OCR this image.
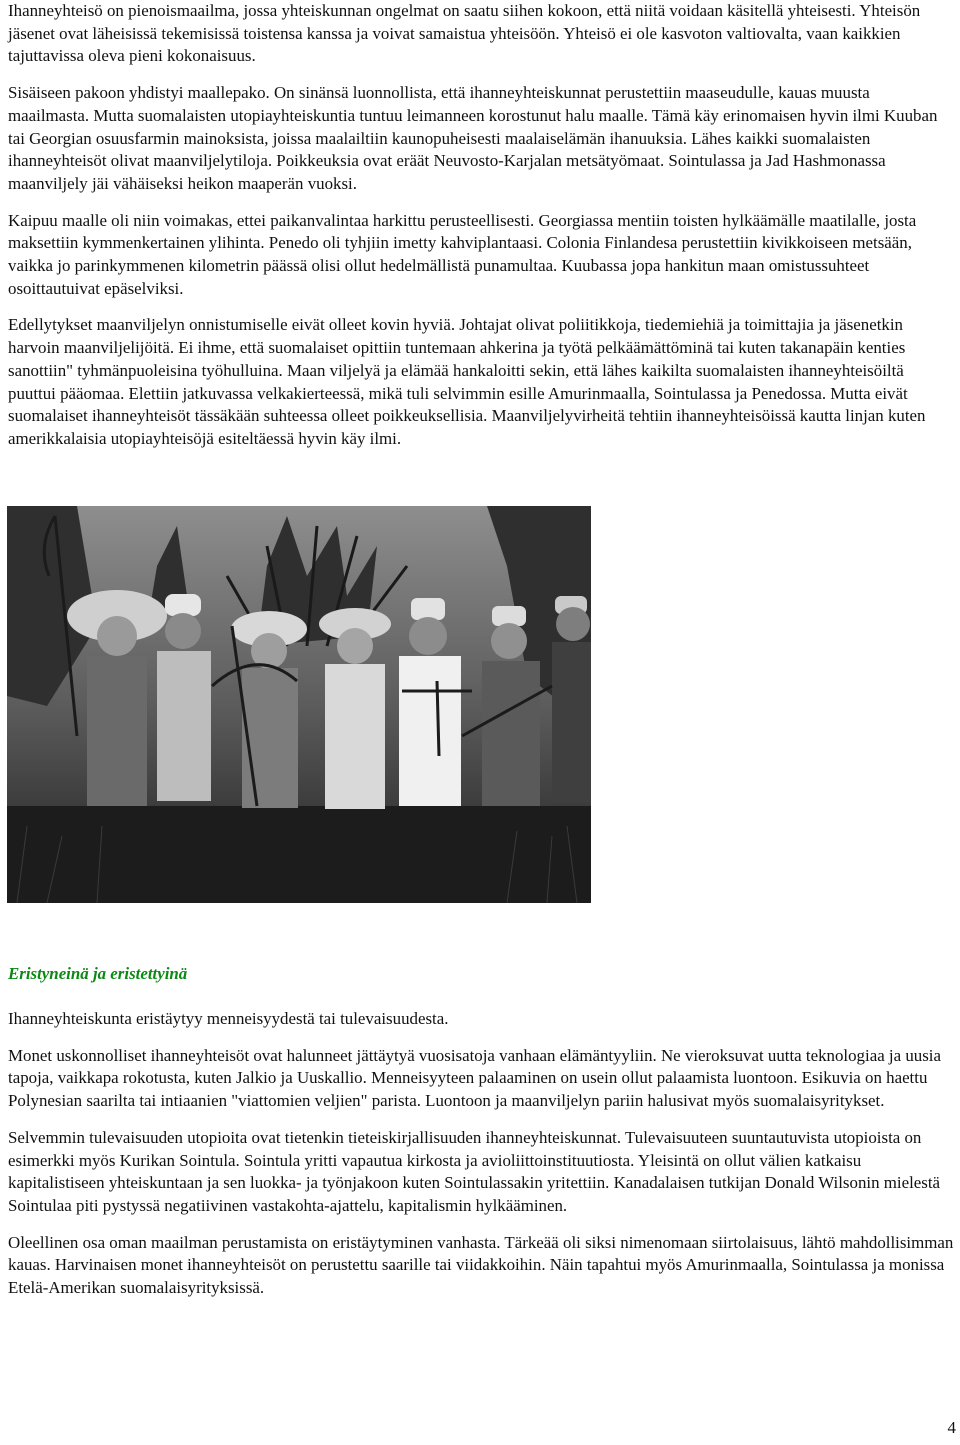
Ihanneyhteisö on pienoismaailma, jossa yhteiskunnan ongelmat on saatu siihen kokoon, että niitä voidaan käsitellä yhteisesti. Yhteisön jäsenet ovat läheisissä tekemisissä toistensa kanssa ja voivat samaistua yhteisöön. Yhteisö ei ole kasvoton valtiovalta, vaan kaikkien tajuttavissa oleva pieni kokonaisuus.

Sisäiseen pakoon yhdistyi maallepako. On sinänsä luonnollista, että ihanneyhteiskunnat perustettiin maaseudulle, kauas muusta maailmasta. Mutta suomalaisten utopiayhteiskuntia tuntuu leimanneen korostunut halu maalle. Tämä käy erinomaisen hyvin ilmi Kuuban tai Georgian osuusfarmin mainoksista, joissa maalailtiin kaunopuheisesti maalaiselämän ihanuuksia. Lähes kaikki suomalaisten ihanneyhteisöt olivat maanviljelytiloja. Poikkeuksia ovat eräät Neuvosto-Karjalan metsätyömaat. Sointulassa ja Jad Hashmonassa maanviljely jäi vähäiseksi heikon maaperän vuoksi.

Kaipuu maalle oli niin voimakas, ettei paikanvalintaa harkittu perusteellisesti. Georgiassa mentiin toisten hylkäämälle maatilalle, josta maksettiin kymmenkertainen ylihinta. Penedo oli tyhjiin imetty kahviplantaasi. Colonia Finlandesa perustettiin kivikkoiseen metsään, vaikka jo parinkymmenen kilometrin päässä olisi ollut hedelmällistä punamultaa. Kuubassa jopa hankitun maan omistussuhteet osoittautuivat epäselviksi.

Edellytykset maanviljelyn onnistumiselle eivät olleet kovin hyviä. Johtajat olivat poliitikkoja, tiedemiehiä ja toimittajia ja jäsenetkin harvoin maanviljelijöitä. Ei ihme, että suomalaiset opittiin tuntemaan ahkerina ja työtä pelkäämättöminä tai kuten takanapäin kenties sanottiin" tyhmänpuoleisina työhulluina. Maan viljelyä ja elämää hankaloitti sekin, että lähes kaikilta suomalaisten ihanneyhteisöiltä puuttui pääomaa. Elettiin jatkuvassa velkakierteessä, mikä tuli selvimmin esille Amurinmaalla, Sointulassa ja Penedossa. Mutta eivät suomalaiset ihanneyhteisöt tässäkään suhteessa olleet poikkeuksellisia. Maanviljelyvirheitä tehtiin ihanneyhteisöissä kautta linjan kuten amerikkalaisia utopiayhteisöjä esiteltäessä hyvin käy ilmi.

Eristyneinä ja eristettyinä

Ihanneyhteiskunta eristäytyy menneisyydestä tai tulevaisuudesta.

Monet uskonnolliset ihanneyhteisöt ovat halunneet jättäytyä vuosisatoja vanhaan elämäntyyliin. Ne vieroksuvat uutta teknologiaa ja uusia tapoja, vaikkapa rokotusta, kuten Jalkio ja Uuskallio. Menneisyyteen palaaminen on usein ollut palaamista luontoon. Esikuvia on haettu Polynesian saarilta tai intiaanien "viattomien veljien" parista. Luontoon ja maanviljelyn pariin halusivat myös suomalaisyritykset.

Selvemmin tulevaisuuden utopioita ovat tietenkin tieteiskirjallisuuden ihanneyhteiskunnat. Tulevaisuuteen suuntautuvista utopioista on esimerkki myös Kurikan Sointula. Sointula yritti vapautua kirkosta ja avioliittoinstituutiosta. Yleisintä on ollut välien katkaisu kapitalistiseen yhteiskuntaan ja sen luokka- ja työnjakoon kuten Sointulassakin yritettiin. Kanadalaisen tutkijan Donald Wilsonin mielestä Sointulaa piti pystyssä negatiivinen vastakohta-ajattelu, kapitalismin hylkääminen.

Oleellinen osa oman maailman perustamista on eristäytyminen vanhasta. Tärkeää oli siksi nimenomaan siirtolaisuus, lähtö mahdollisimman kauas. Harvinaisen monet ihanneyhteisöt on perustettu saarille tai viidakkoihin. Näin tapahtui myös Amurinmaalla, Sointulassa ja monissa Etelä-Amerikan suomalaisyrityksissä.

4
